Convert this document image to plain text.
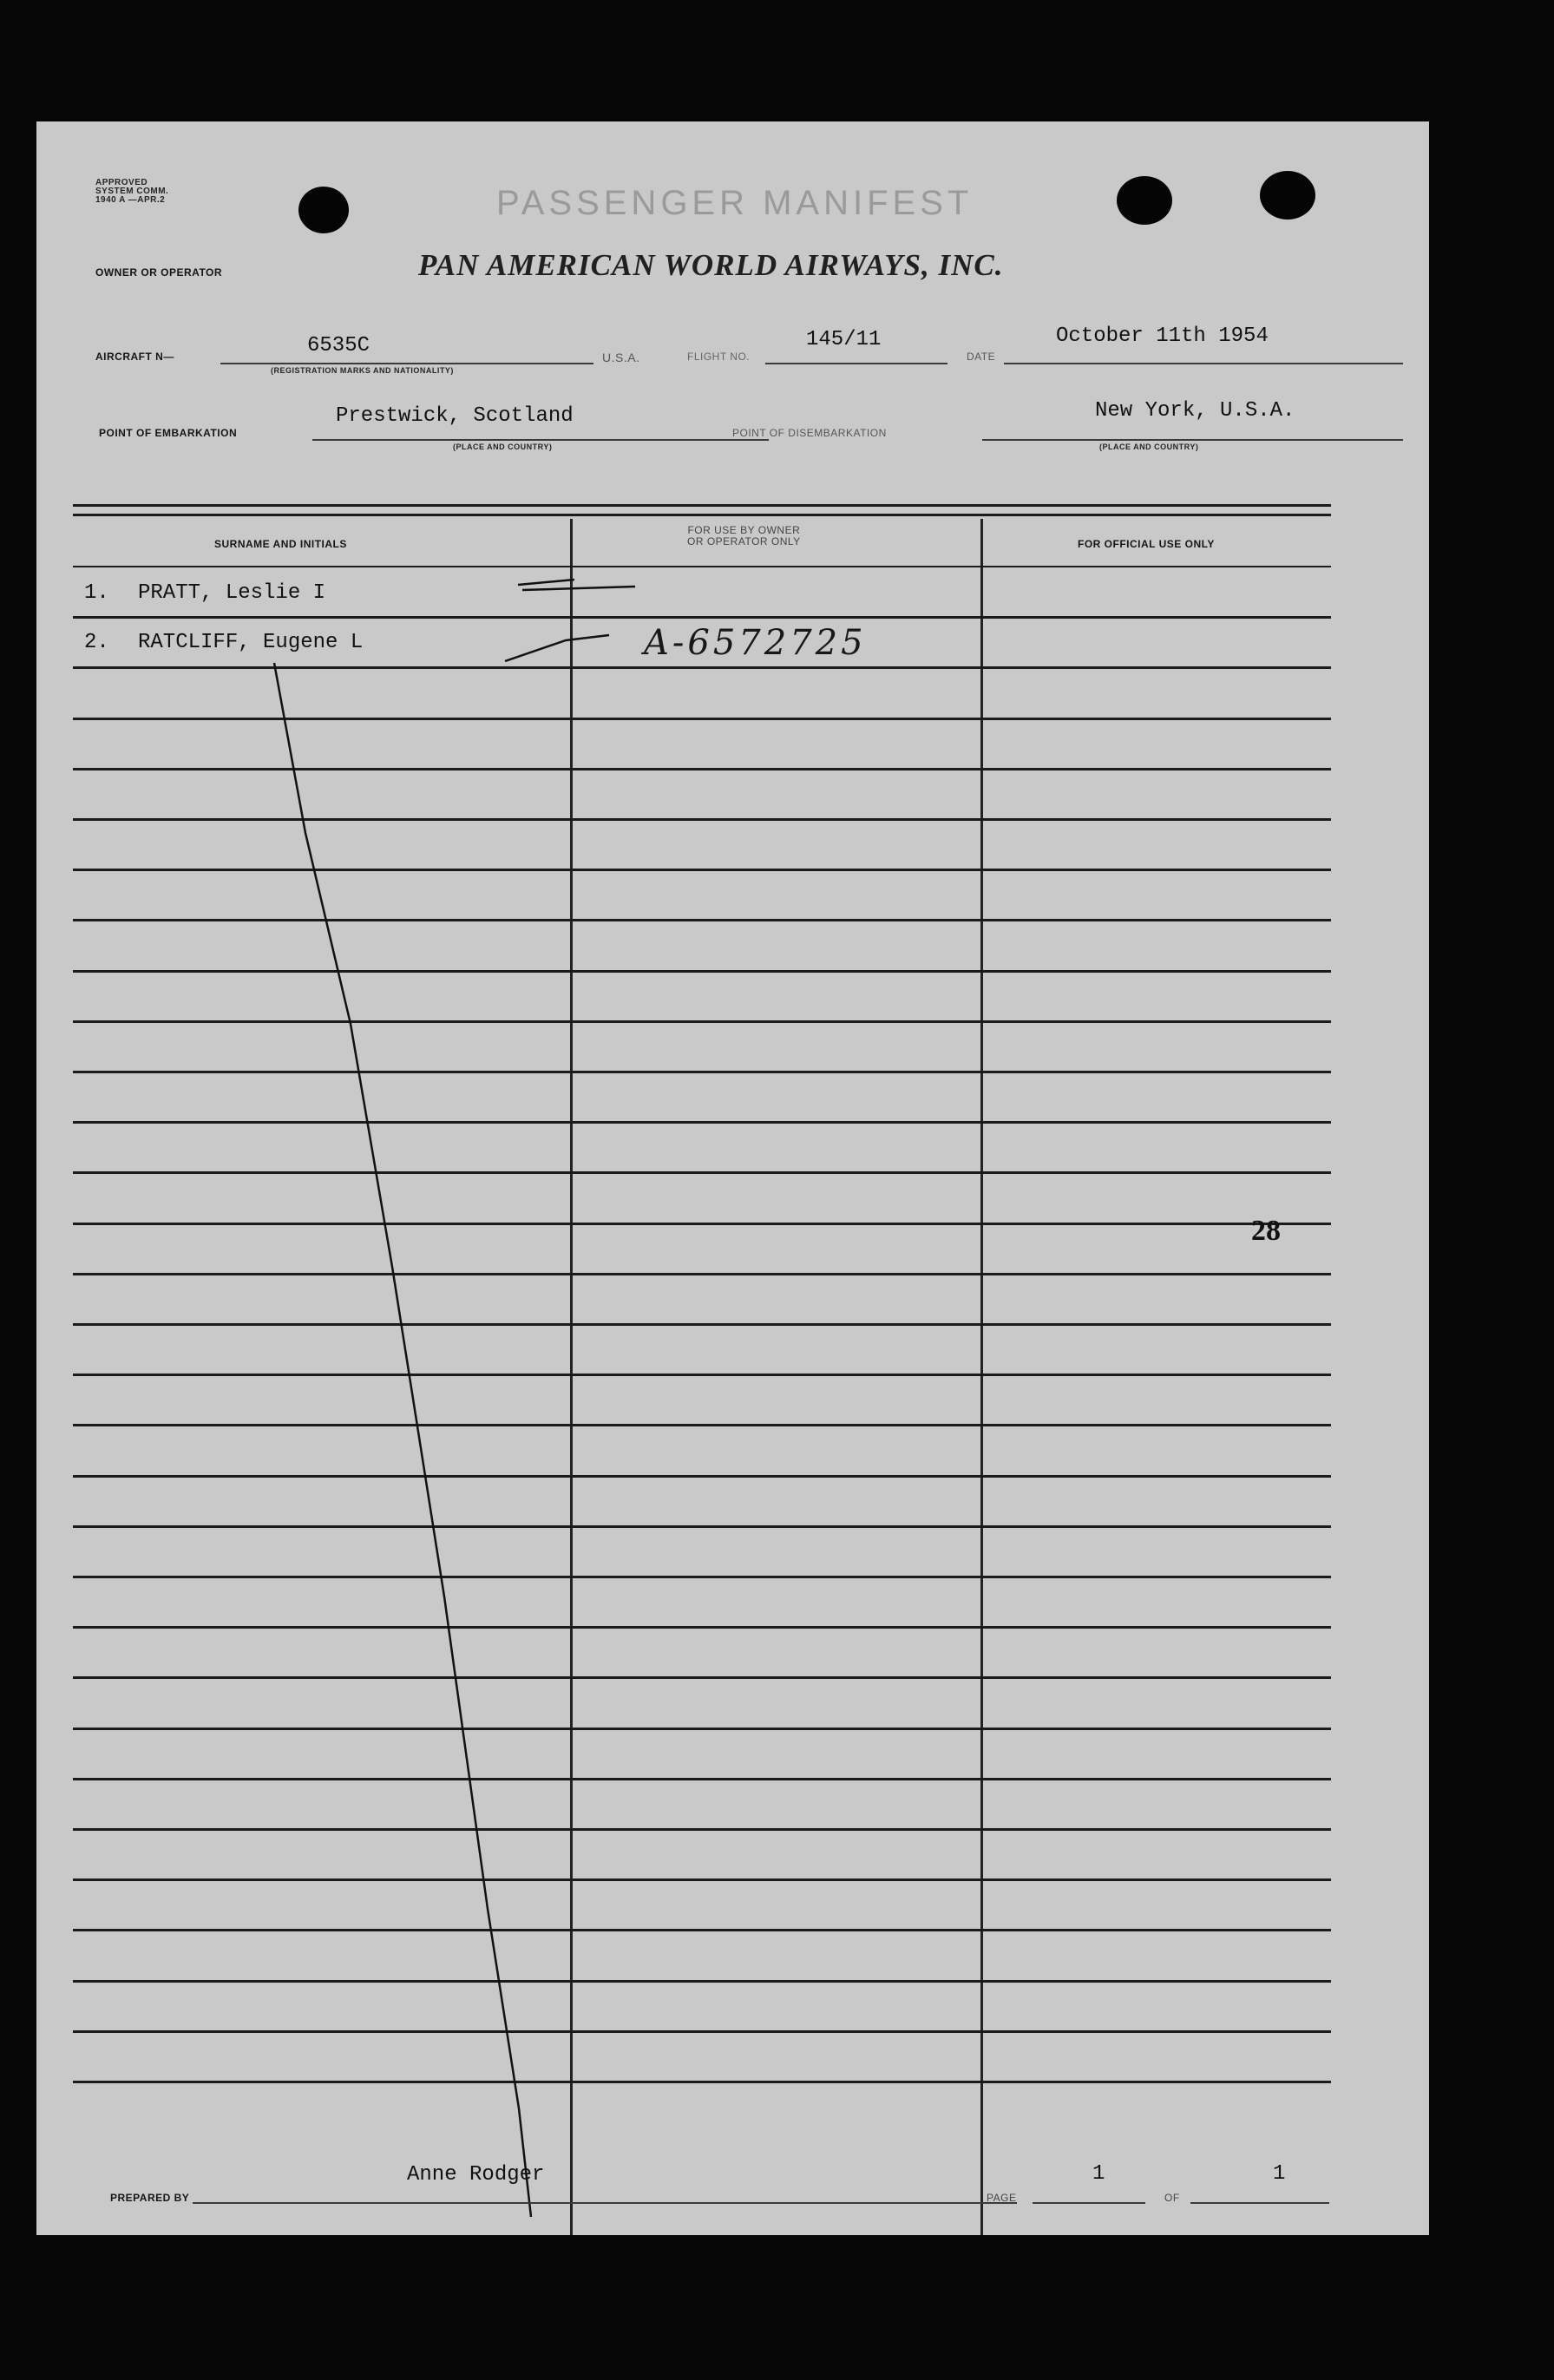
APPROVED
SYSTEM COMM.
1940 A —APR.2	PASSENGER MANIFEST
OWNER OR OPERATOR	PAN AMERICAN WORLD AIRWAYS, INC.
AIRCRAFT N—	6535C
(REGISTRATION MARKS AND NATIONALITY)
U.S.A.	FLIGHT NO.
145/11
DATE
October 11th 1954
POINT OF EMBARKATION
Prestwick, Scotland
(PLACE AND COUNTRY)
POINT OF DISEMBARKATION
New York, U.S.A.
(PLACE AND COUNTRY)
SURNAME AND INITIALS
FOR USE BY OWNER
OR OPERATOR ONLY	FOR OFFICIAL USE ONLY
1. PRATT, Leslie I
2. RATCLIFF, Eugene L	A-6572725
28
PREPARED BY
Anne Rodger
PAGE
1
OF
1
